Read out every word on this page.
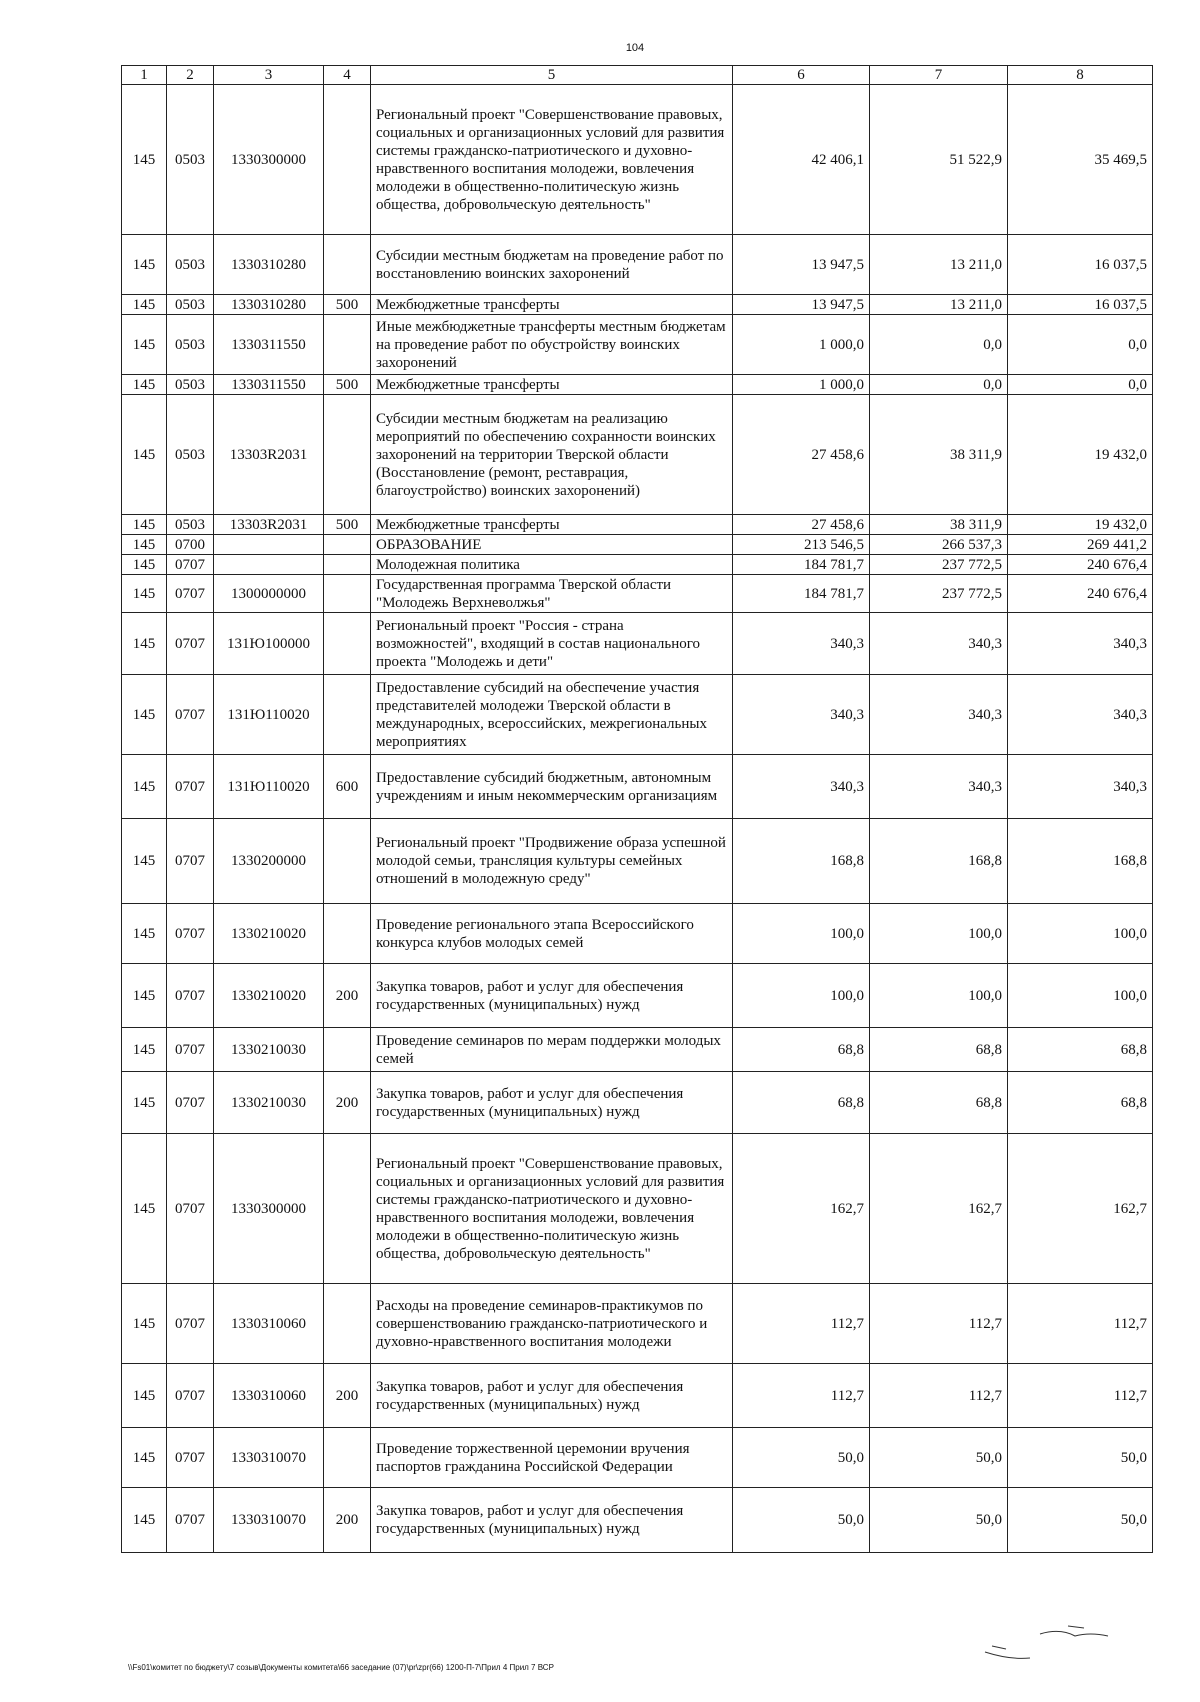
104
1	2	3	4	5	6	7	8
145	0503	1330300000		Региональный проект "Совершенствование правовых, социальных и организационных условий для развития системы гражданско-патриотического и духовно-нравственного воспитания молодежи, вовлечения молодежи в общественно-политическую жизнь общества, добровольческую деятельность"	42 406,1	51 522,9	35 469,5
145	0503	1330310280		Субсидии местным бюджетам на проведение работ по восстановлению воинских захоронений	13 947,5	13 211,0	16 037,5
145	0503	1330310280	500	Межбюджетные трансферты	13 947,5	13 211,0	16 037,5
145	0503	1330311550		Иные межбюджетные трансферты местным бюджетам на проведение работ по обустройству воинских захоронений	1 000,0	0,0	0,0
145	0503	1330311550	500	Межбюджетные трансферты	1 000,0	0,0	0,0
145	0503	13303R2031		Субсидии местным бюджетам на реализацию мероприятий по обеспечению сохранности воинских захоронений на территории Тверской области (Восстановление (ремонт, реставрация, благоустройство) воинских захоронений)	27 458,6	38 311,9	19 432,0
145	0503	13303R2031	500	Межбюджетные трансферты	27 458,6	38 311,9	19 432,0
145	0700			ОБРАЗОВАНИЕ	213 546,5	266 537,3	269 441,2
145	0707			Молодежная политика	184 781,7	237 772,5	240 676,4
145	0707	1300000000		Государственная программа Тверской области "Молодежь Верхневолжья"	184 781,7	237 772,5	240 676,4
145	0707	131Ю100000		Региональный проект "Россия - страна возможностей", входящий в состав национального проекта "Молодежь и дети"	340,3	340,3	340,3
145	0707	131Ю110020		Предоставление субсидий на обеспечение участия представителей молодежи Тверской области в международных, всероссийских, межрегиональных мероприятиях	340,3	340,3	340,3
145	0707	131Ю110020	600	Предоставление субсидий бюджетным, автономным учреждениям и иным некоммерческим организациям	340,3	340,3	340,3
145	0707	1330200000		Региональный проект "Продвижение образа успешной молодой семьи, трансляция культуры семейных отношений в молодежную среду"	168,8	168,8	168,8
145	0707	1330210020		Проведение регионального этапа Всероссийского конкурса клубов молодых семей	100,0	100,0	100,0
145	0707	1330210020	200	Закупка товаров, работ и услуг для обеспечения государственных (муниципальных) нужд	100,0	100,0	100,0
145	0707	1330210030		Проведение семинаров по мерам поддержки молодых семей	68,8	68,8	68,8
145	0707	1330210030	200	Закупка товаров, работ и услуг для обеспечения государственных (муниципальных) нужд	68,8	68,8	68,8
145	0707	1330300000		Региональный проект "Совершенствование правовых, социальных и организационных условий для развития системы гражданско-патриотического и духовно-нравственного воспитания молодежи, вовлечения молодежи в общественно-политическую жизнь общества, добровольческую деятельность"	162,7	162,7	162,7
145	0707	1330310060		Расходы на проведение семинаров-практикумов по совершенствованию гражданско-патриотического и духовно-нравственного воспитания молодежи	112,7	112,7	112,7
145	0707	1330310060	200	Закупка товаров, работ и услуг для обеспечения государственных (муниципальных) нужд	112,7	112,7	112,7
145	0707	1330310070		Проведение торжественной церемонии вручения паспортов гражданина Российской Федерации	50,0	50,0	50,0
145	0707	1330310070	200	Закупка товаров, работ и услуг для обеспечения государственных (муниципальных) нужд	50,0	50,0	50,0
\\Fs01\комитет по бюджету\7 созыв\Документы комитета\66 заседание (07)\pr\zpr(66) 1200-П-7\Прил 4 Прил 7 ВСР
